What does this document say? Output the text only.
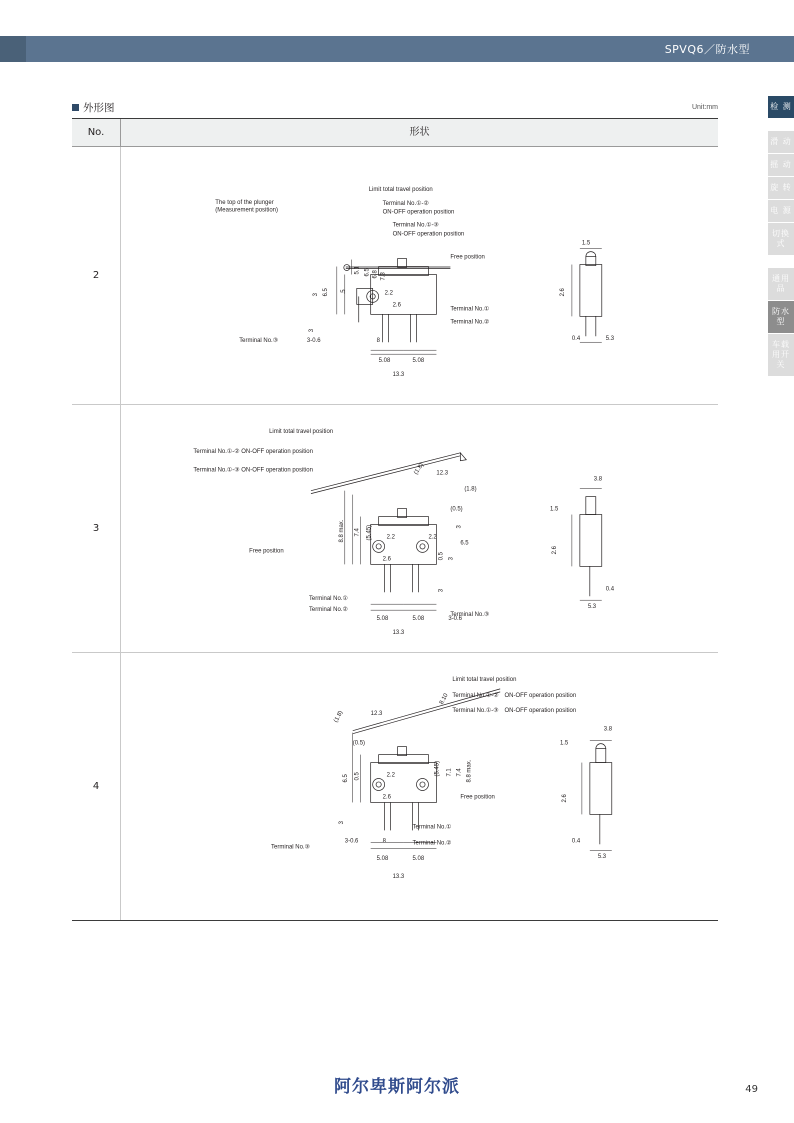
SPVQ6／防水型
检 测
滑 动
摇 动
旋 转
电 源
切换式
通用品
防水型
车载用开关
外形图	Unit:mm
No.	形状
2
The top of the plunger
(Measurement position)
Limit total travel position
Terminal No.①-②
ON-OFF operation position
Terminal No.①-③
ON-OFF operation position
Free position
Terminal No.①
Terminal No.②
Terminal No.③
2.2
2.6
6.5
3
.5
3
3-0.6	8
5.08	5.08
13.3
5.1 6.5 6.8 7.3
1.5
2.6
0.4	5.3
3
Limit total travel position
Terminal No.①-② ON-OFF operation position
Terminal No.①-③ ON-OFF operation position
Free position
Terminal No.①
Terminal No.②
Terminal No.③
(1.8) 12.3
(1.8)
(0.5)
8.8 max. 7.4 (5.45)
2.6
2.2	2.2
0.5 3
3
6.5
3
5.08	5.08	3-0.6
13.3
3.8
1.5
2.6
0.4
5.3
4
Limit total travel position
Terminal No.①-②　ON-OFF operation position
Terminal No.①-③　ON-OFF operation position
Free position
Terminal No.①
Terminal No.②
Terminal No.③
(1.8)	12.3
8.10
(0.5)
2.2
2.6
(5.45) 7.1 7.4 8.8 max.
6.5 0.5
3
3-0.6	8
5.08	5.08
13.3
3.8
1.5
2.6
0.4
5.3
阿尔卑斯阿尔派	49
